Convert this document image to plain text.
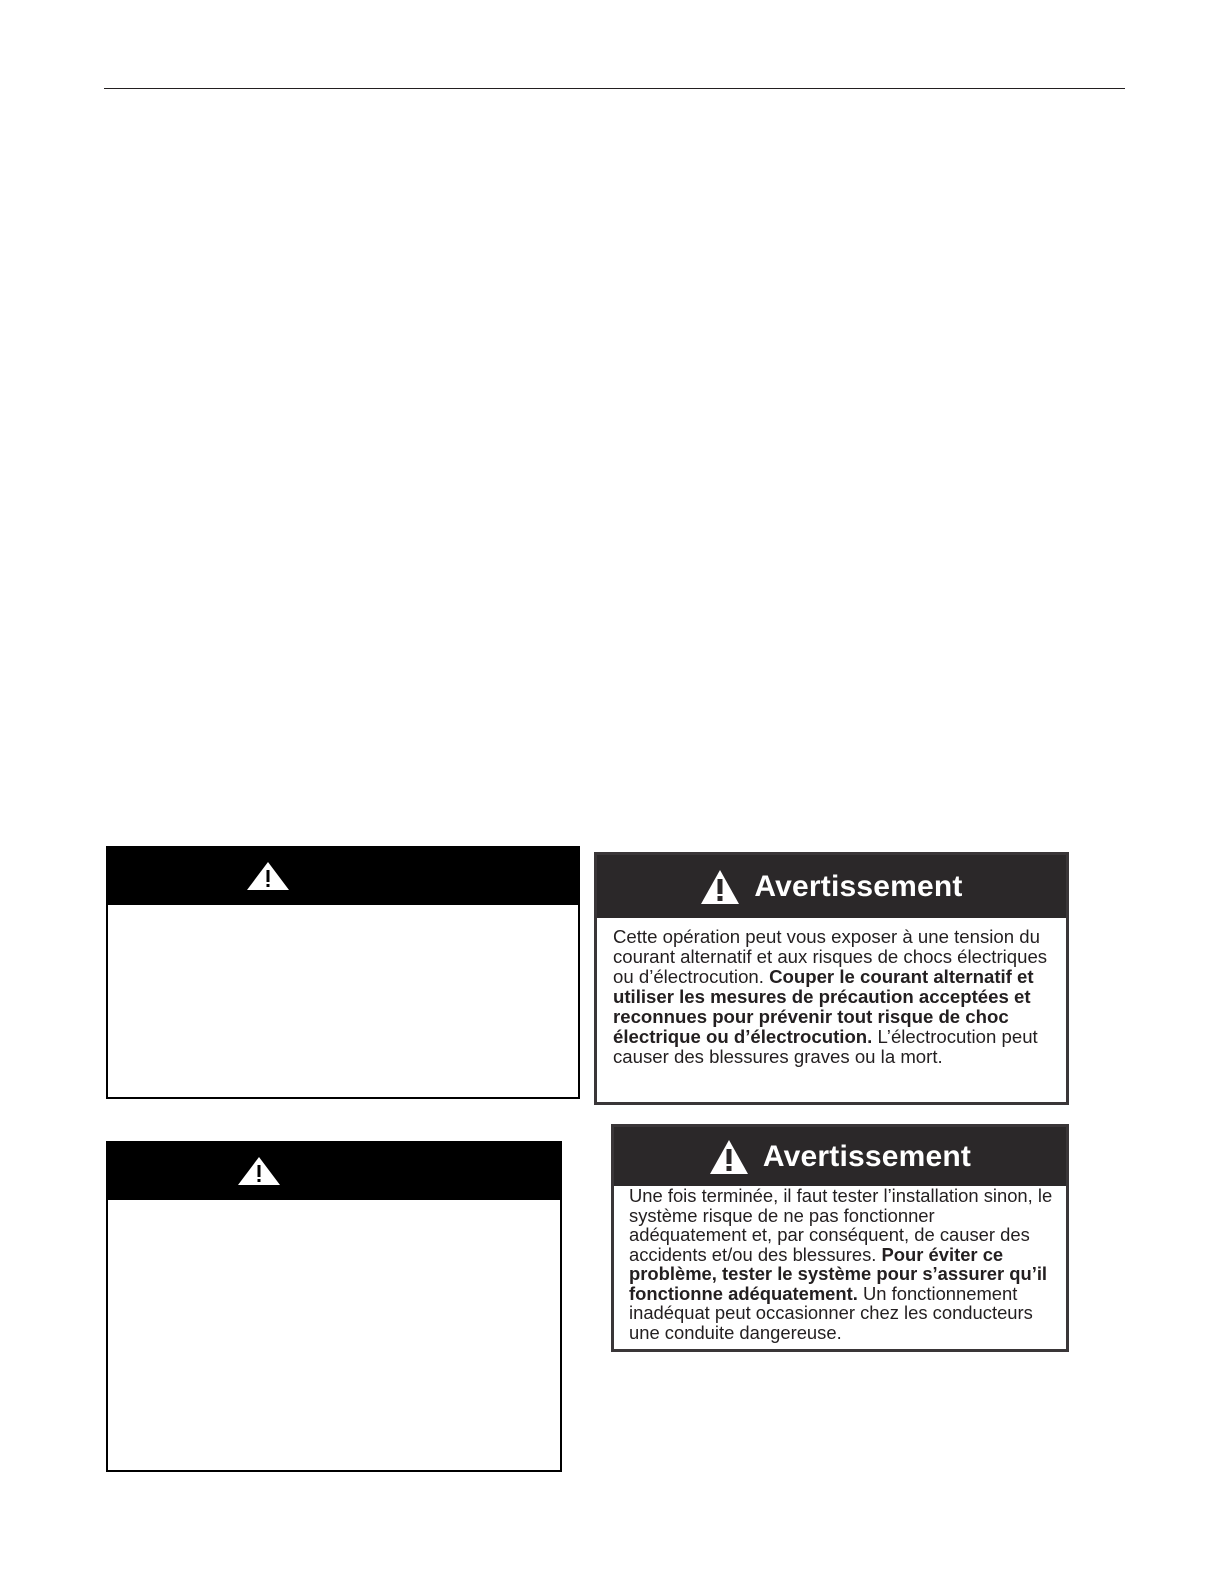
Avertissement
Cette opération peut vous exposer à une tension du courant alternatif et aux risques de chocs électriques ou d’électrocution. Couper le courant alternatif et utiliser les mesures de précaution acceptées et reconnues pour prévenir tout risque de choc électrique ou d’électrocution. L’électrocution peut causer des blessures graves ou la mort.
Avertissement
Une fois terminée, il faut tester l’installation sinon, le système risque de ne pas fonctionner adéquatement et, par conséquent, de causer des accidents et/ou des blessures. Pour éviter ce problème, tester le système pour s’assurer qu’il fonctionne adéquatement. Un fonctionnement inadéquat peut occasionner chez les conducteurs une conduite dangereuse.
